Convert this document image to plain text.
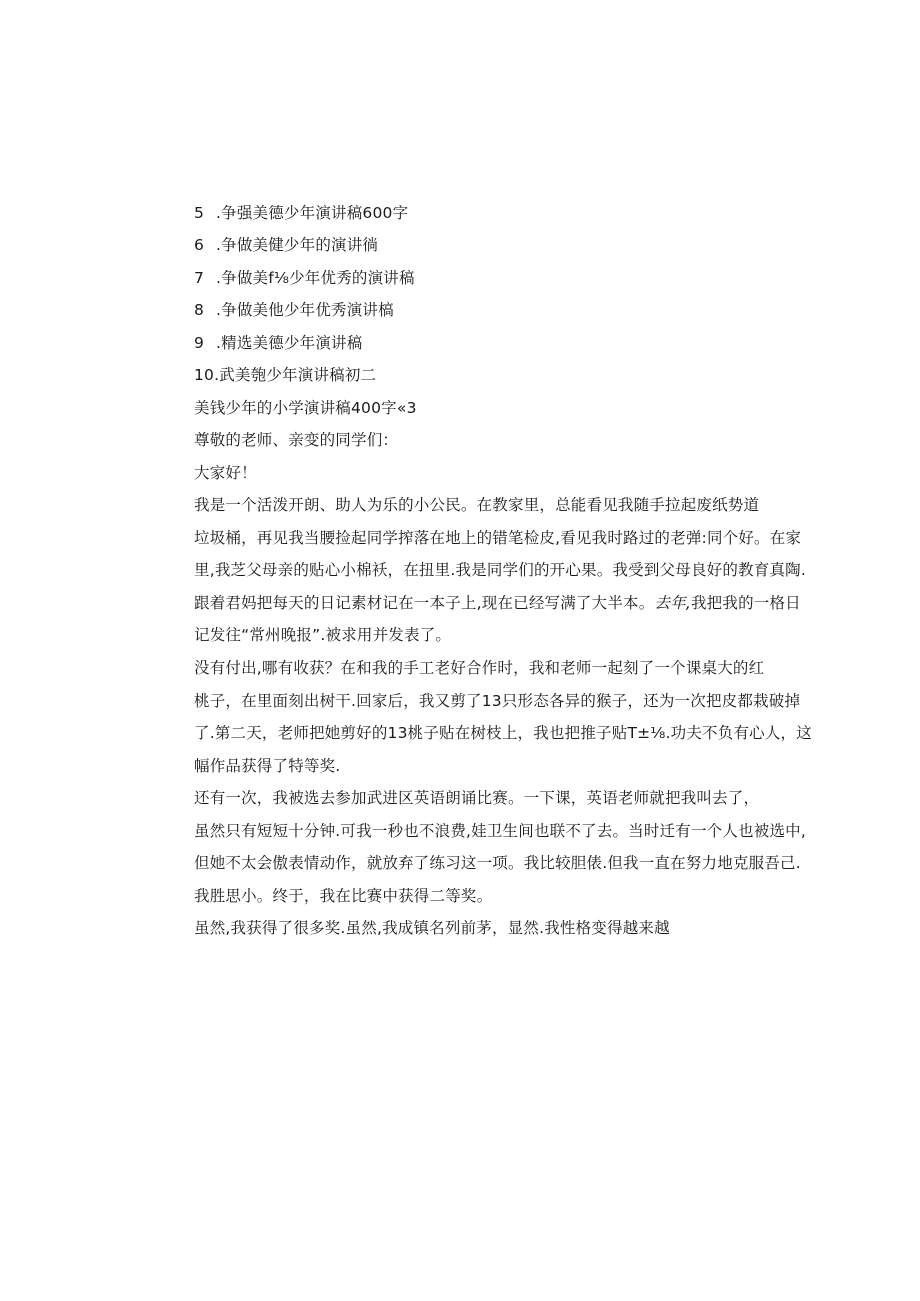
5 .争强美德少年演讲稿600字
6 .争做美健少年的演讲徜
7 .争做美f⅛少年优秀的演讲稿
8 .争做美他少年优秀演讲槁
9 .精选美德少年演讲稿
10.武美匏少年演讲稿初二
美钱少年的小学演讲稿400字«3
尊敬的老师、亲变的同学们：
大家好！
我是一个活泼开朗、助人为乐的小公民。在教家里，总能看见我随手拉起废纸势道
垃圾桶，再见我当腰捡起同学搾落在地上的错笔检皮,看见我时路过的老弹:同个好。在家
里,我芝父母亲的贴心小棉袄，在扭里.我是同学们的开心果。我受到父母良好的教育真陶.
跟着君妈把每天的日记素材记在一本子上,现在已经写满了大半本。去年,我把我的一格日
记发往“常州晚报”.被求用并发表了。
没有付出,哪有收获？在和我的手工老好合作时，我和老师一起刻了一个课桌大的红
桃子，在里面刻出树干.回家后，我又剪了13只形态各异的猴子，还为一次把皮都栽破掉
了.第二天，老师把她剪好的13桃子贴在树枝上，我也把推子贴T±⅛.功夫不负有心人，这
幅作品获得了特等奖.
还有一次，我被选去参加武进区英语朗诵比赛。一下课，英语老师就把我叫去了，
虽然只有短短十分钟.可我一秒也不浪费,娃卫生间也联不了去。当时迁有一个人也被选中,
但她不太会傲表情动作，就放弃了练习这一项。我比较胆俵.但我一直在努力地克服吾己.
我胜思小。终于，我在比赛中获得二等奖。
虽然,我获得了很多奖.虽然,我成镇名列前茅，显然.我性格变得越来越
